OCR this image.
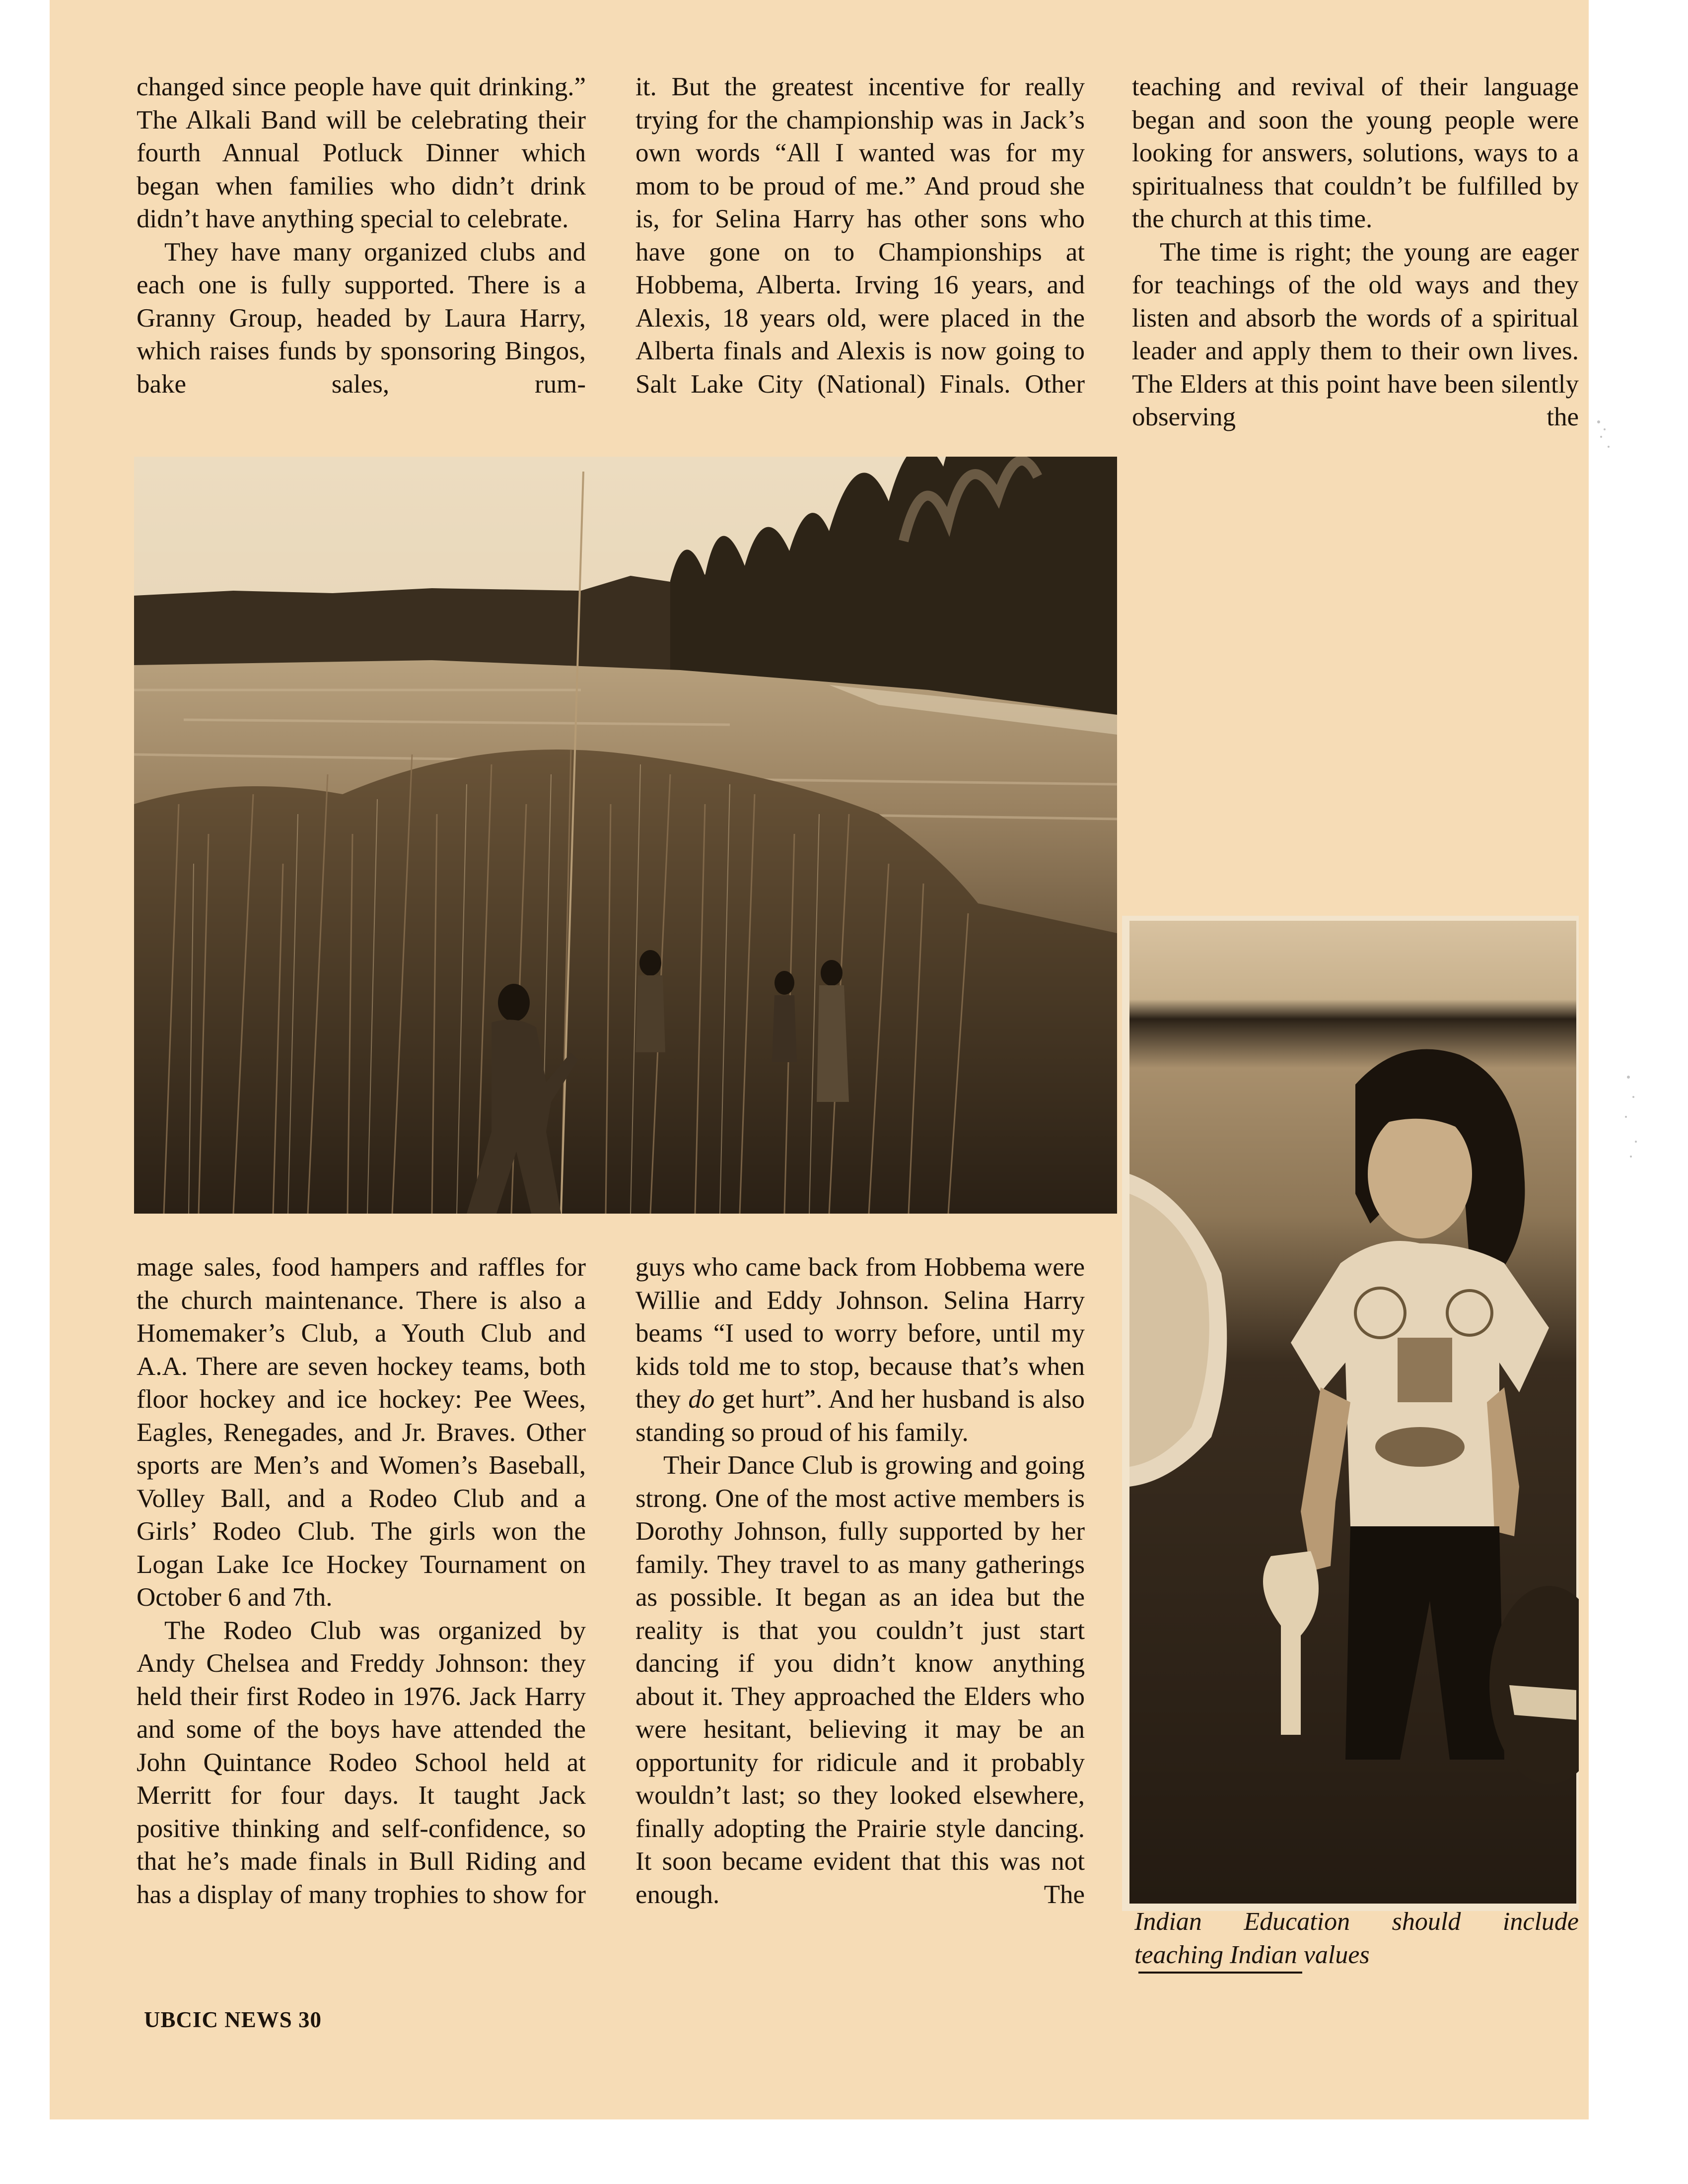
changed since people have quit drinking.” The Alkali Band will be celebrating their fourth Annual Potluck Dinner which began when families who didn’t drink didn’t have anything special to celebrate.

They have many organized clubs and each one is fully supported. There is a Granny Group, headed by Laura Harry, which raises funds by sponsoring Bingos, bake sales, rum-

it. But the greatest incentive for really trying for the championship was in Jack’s own words “All I wanted was for my mom to be proud of me.” And proud she is, for Selina Harry has other sons who have gone on to Championships at Hobbema, Alberta. Irving 16 years, and Alexis, 18 years old, were placed in the Alberta finals and Alexis is now going to Salt Lake City (National) Finals. Other

teaching and revival of their language began and soon the young people were looking for answers, solutions, ways to a spiritualness that couldn’t be fulfilled by the church at this time.

The time is right; the young are eager for teachings of the old ways and they listen and absorb the words of a spiritual leader and apply them to their own lives. The Elders at this point have been silently observing the

mage sales, food hampers and raffles for the church maintenance. There is also a Homemaker’s Club, a Youth Club and A.A. There are seven hockey teams, both floor hockey and ice hockey: Pee Wees, Eagles, Renegades, and Jr. Braves. Other sports are Men’s and Women’s Baseball, Volley Ball, and a Rodeo Club and a Girls’ Rodeo Club. The girls won the Logan Lake Ice Hockey Tournament on October 6 and 7th.

The Rodeo Club was organized by Andy Chelsea and Freddy Johnson: they held their first Rodeo in 1976. Jack Harry and some of the boys have attended the John Quintance Rodeo School held at Merritt for four days. It taught Jack positive thinking and self-confidence, so that he’s made finals in Bull Riding and has a display of many trophies to show for

guys who came back from Hobbema were Willie and Eddy Johnson. Selina Harry beams “I used to worry before, until my kids told me to stop, because that’s when they do get hurt”. And her husband is also standing so proud of his family.

Their Dance Club is growing and going strong. One of the most active members is Dorothy Johnson, fully supported by her family. They travel to as many gatherings as possible. It began as an idea but the reality is that you couldn’t just start dancing if you didn’t know anything about it. They approached the Elders who were hesitant, believing it may be an opportunity for ridicule and it probably wouldn’t last; so they looked elsewhere, finally adopting the Prairie style dancing. It soon became evident that this was not enough. The

Indian Education should include
teaching Indian values
UBCIC NEWS 30
